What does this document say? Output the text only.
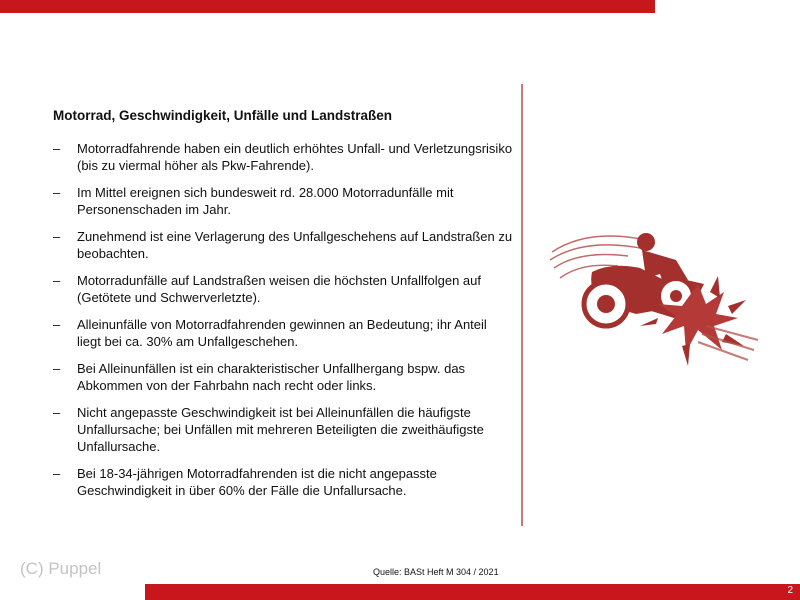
Motorrad, Geschwindigkeit, Unfälle und Landstraßen
– Motorradfahrende haben ein deutlich erhöhtes Unfall- und Verletzungsrisiko (bis zu viermal höher als Pkw-Fahrende).
– Im Mittel ereignen sich bundesweit rd. 28.000 Motorradunfälle mit Personenschaden im Jahr.
– Zunehmend ist eine Verlagerung des Unfallgeschehens auf Landstraßen zu beobachten.
– Motorradunfälle auf Landstraßen weisen die höchsten Unfallfolgen auf (Getötete und Schwerverletzte).
– Alleinunfälle von Motorradfahrenden gewinnen an Bedeutung; ihr Anteil liegt bei ca. 30% am Unfallgeschehen.
– Bei Alleinunfällen ist ein charakteristischer Unfallhergang bspw. das Abkommen von der Fahrbahn nach recht oder links.
– Nicht angepasste Geschwindigkeit ist bei Alleinunfällen die häufigste Unfallursache; bei Unfällen mit mehreren Beteiligten die zweithäufigste Unfallursache.
– Bei 18-34-jährigen Motorradfahrenden ist die nicht angepasste Geschwindigkeit in über 60% der Fälle die Unfallursache.
(C) Puppel	Quelle: BASt Heft M 304 / 2021
2
